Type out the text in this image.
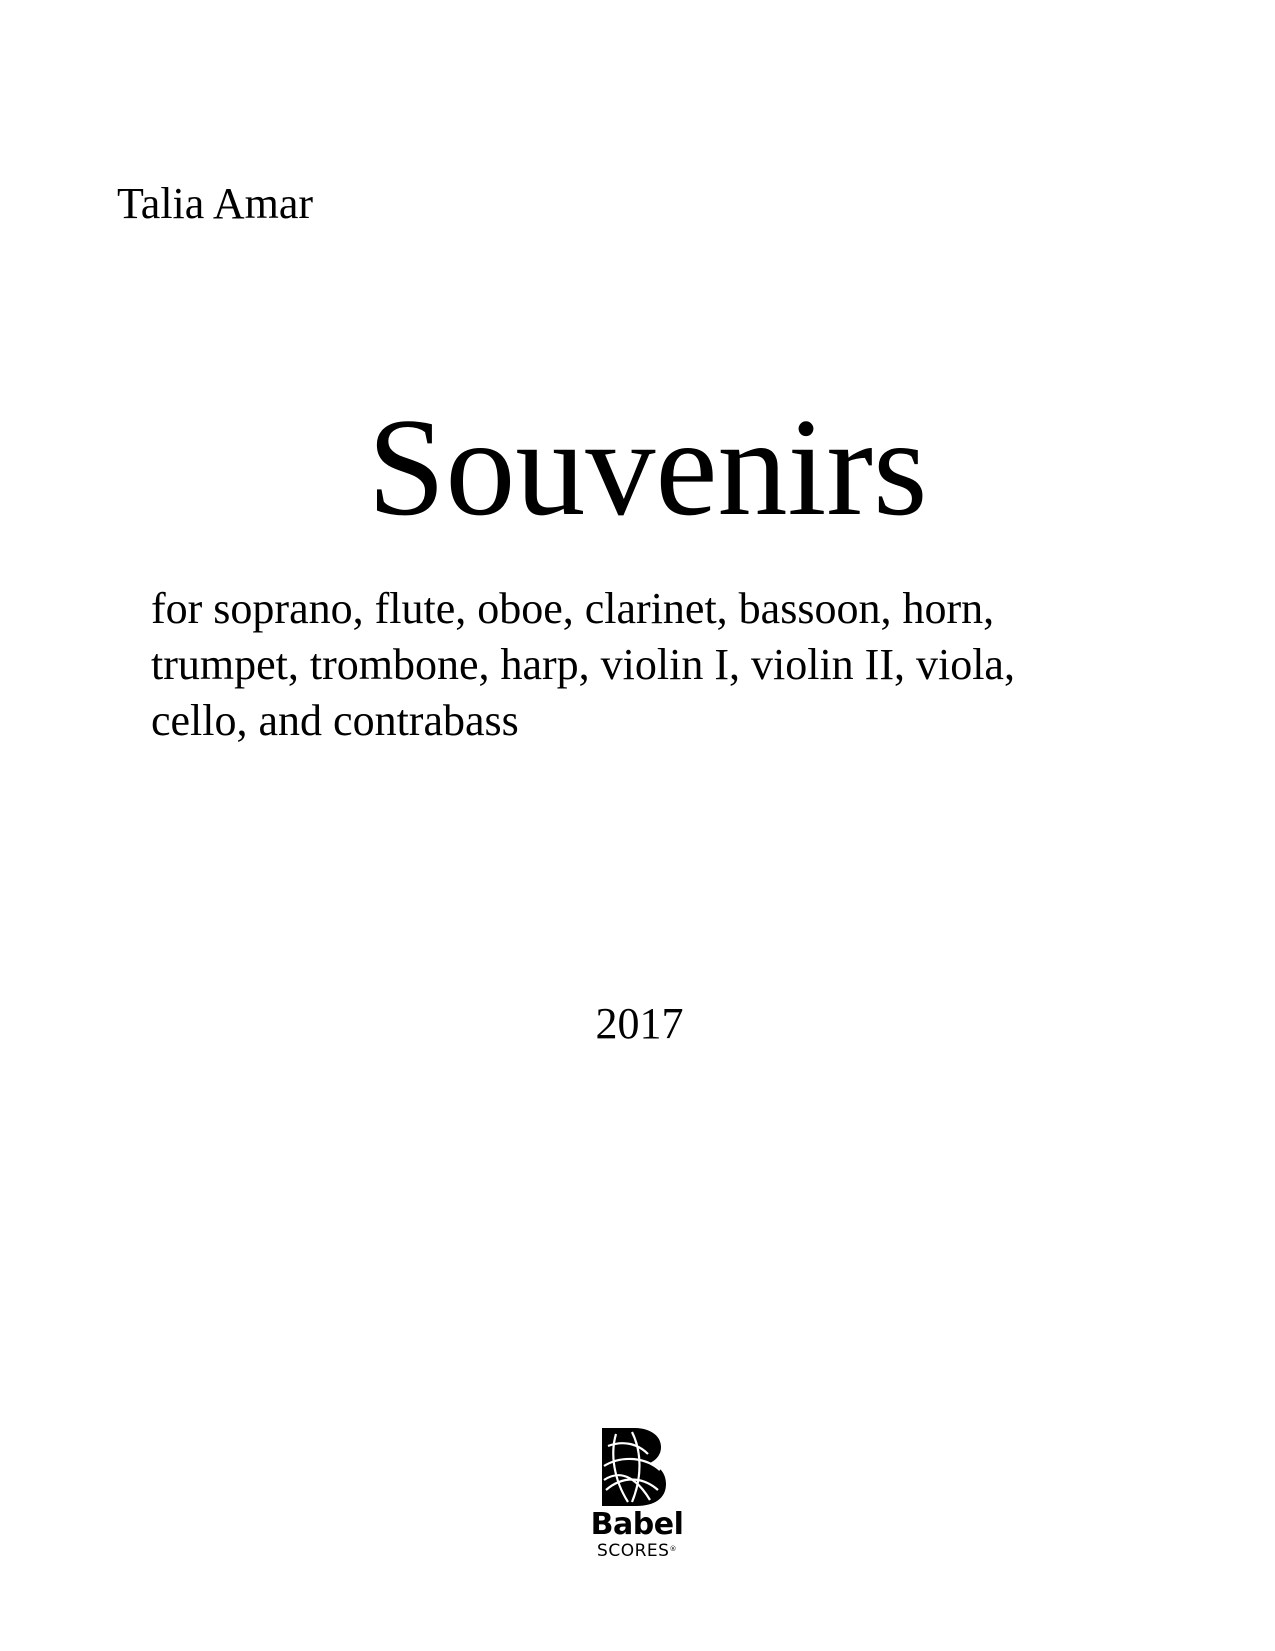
Talia Amar
Souvenirs
for soprano, flute, oboe, clarinet, bassoon, horn,
trumpet, trombone, harp, violin I, violin II, viola,
cello, and contrabass
2017
Babel
SCORES®
